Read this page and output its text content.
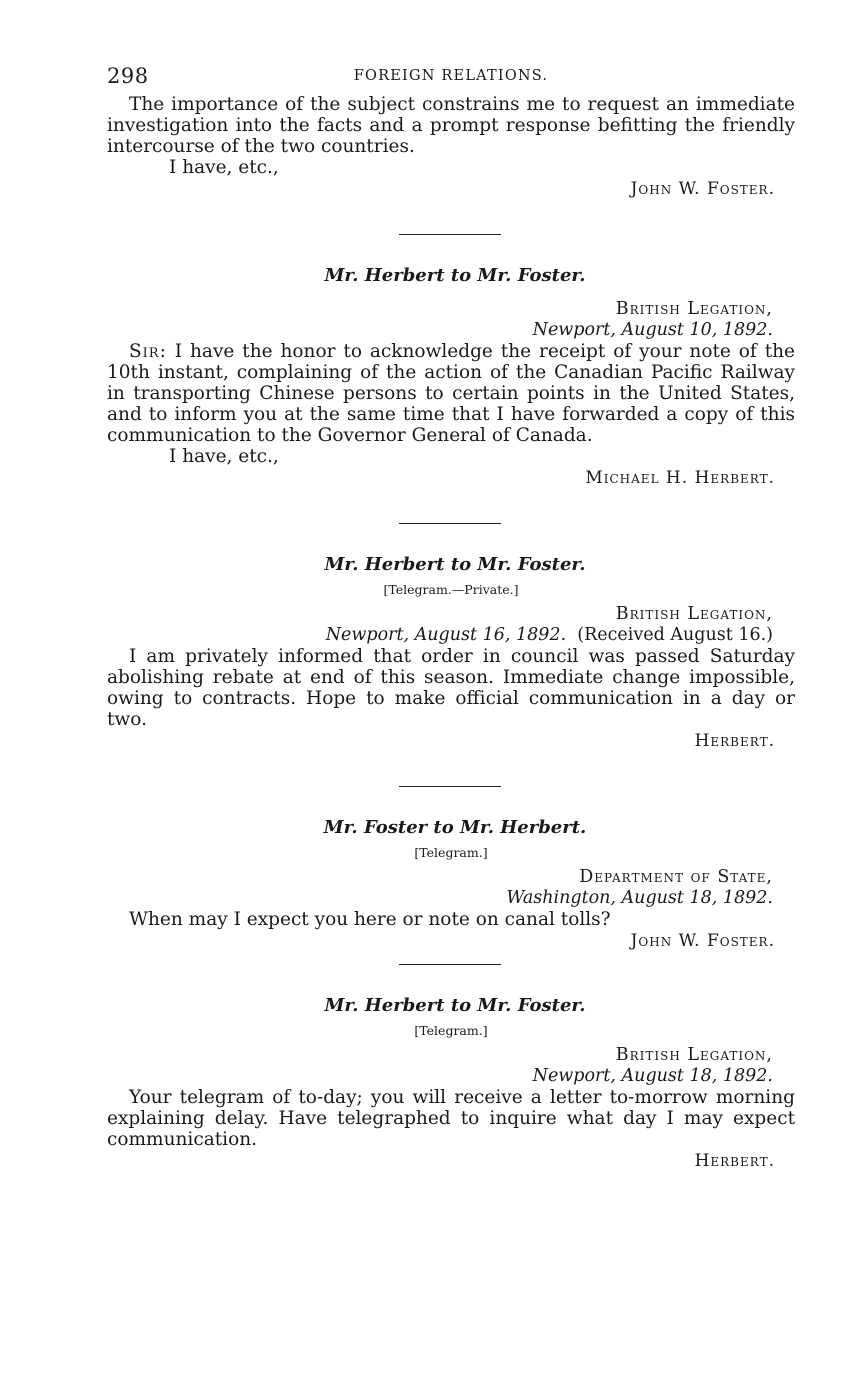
298	FOREIGN RELATIONS.

The importance of the subject constrains me to request an immediate investigation into the facts and a prompt response befitting the friendly intercourse of the two countries.

I have, etc.,
John W. Foster.
Mr. Herbert to Mr. Foster.
British Legation,
Newport, August 10, 1892.

Sir: I have the honor to acknowledge the receipt of your note of the 10th instant, complaining of the action of the Canadian Pacific Railway in transporting Chinese persons to certain points in the United States, and to inform you at the same time that I have forwarded a copy of this communication to the Governor General of Canada.

I have, etc.,
Michael H. Herbert.
Mr. Herbert to Mr. Foster.
[Telegram.—Private.]
British Legation,
Newport, August 16, 1892. (Received August 16.)

I am privately informed that order in council was passed Saturday abolishing rebate at end of this season. Immediate change impossible, owing to contracts. Hope to make official communication in a day or two.

Herbert.
Mr. Foster to Mr. Herbert.
[Telegram.]
Department of State,
Washington, August 18, 1892.

When may I expect you here or note on canal tolls?

John W. Foster.
Mr. Herbert to Mr. Foster.
[Telegram.]
British Legation,
Newport, August 18, 1892.

Your telegram of to-day; you will receive a letter to-morrow morning explaining delay. Have telegraphed to inquire what day I may expect communication.

Herbert.
